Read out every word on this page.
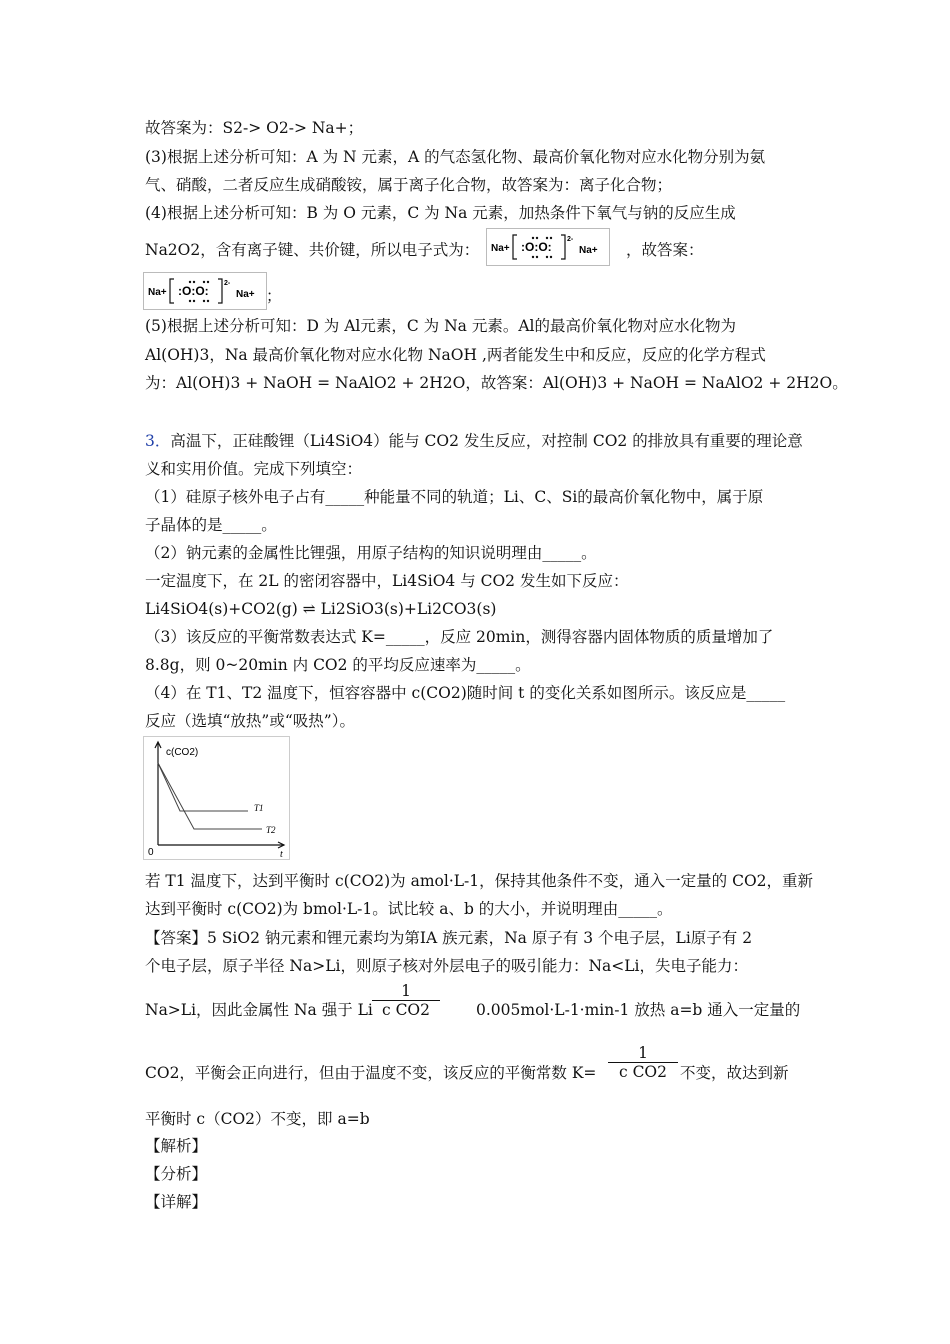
故答案为：S2-> O2-> Na+；
(3)根据上述分析可知：A 为 N 元素，A 的气态氢化物、最高价氧化物对应水化物分别为氨
气、硝酸，二者反应生成硝酸铵，属于离子化合物，故答案为：离子化合物；
(4)根据上述分析可知：B 为 O 元素，C 为 Na 元素，加热条件下氧气与钠的反应生成
Na2O2，含有离子键、共价键，所以电子式为： Na+ :O:O:
2-
Na+ ，故答案：
Na+ :O:O:
2-
Na+ ；
(5)根据上述分析可知：D 为 Al元素，C 为 Na 元素。Al的最高价氧化物对应水化物为
Al(OH)3，Na 最高价氧化物对应水化物 NaOH ,两者能发生中和反应，反应的化学方程式
为：Al(OH)3 + NaOH = NaAlO2 + 2H2O，故答案：Al(OH)3 + NaOH = NaAlO2 + 2H2O。
3．高温下，正硅酸锂（Li4SiO4）能与 CO2 发生反应，对控制 CO2 的排放具有重要的理论意
义和实用价值。完成下列填空：
（1）硅原子核外电子占有_____种能量不同的轨道；Li、C、Si的最高价氧化物中，属于原
子晶体的是_____。
（2）钠元素的金属性比锂强，用原子结构的知识说明理由_____。
一定温度下，在 2L 的密闭容器中，Li4SiO4 与 CO2 发生如下反应：
Li4SiO4(s)+CO2(g) ⇌ Li2SiO3(s)+Li2CO3(s)
（3）该反应的平衡常数表达式 K=_____，反应 20min，测得容器内固体物质的质量增加了
8.8g，则 0~20min 内 CO2 的平均反应速率为_____。
（4）在 T1、T2 温度下，恒容容器中 c(CO2)随时间 t 的变化关系如图所示。该反应是_____
反应（选填“放热”或“吸热”）。
c(CO2)
t
0
T1
T2
若 T1 温度下，达到平衡时 c(CO2)为 amol·L-1，保持其他条件不变，通入一定量的 CO2，重新
达到平衡时 c(CO2)为 bmol·L-1。试比较 a、b 的大小，并说明理由_____。
【答案】5 SiO2 钠元素和锂元素均为第ⅠA 族元素，Na 原子有 3 个电子层，Li原子有 2
个电子层，原子半径 Na>Li，则原子核对外层电子的吸引能力：Na<Li，失电子能力：
Na>Li，因此金属性 Na 强于 Li $\frac{1}{\text{c CO2}} 0.005mol\cdot L-1\cdot\min-1$ 放热 a=b 通入一定量的
CO2，平衡会正向进行，但由于温度不变，该反应的平衡常数 $K= \frac{1}{\text{c CO2}}$ 不变，故达到新
平衡时 c（CO2）不变，即 a=b
【解析】
【分析】
【详解】
